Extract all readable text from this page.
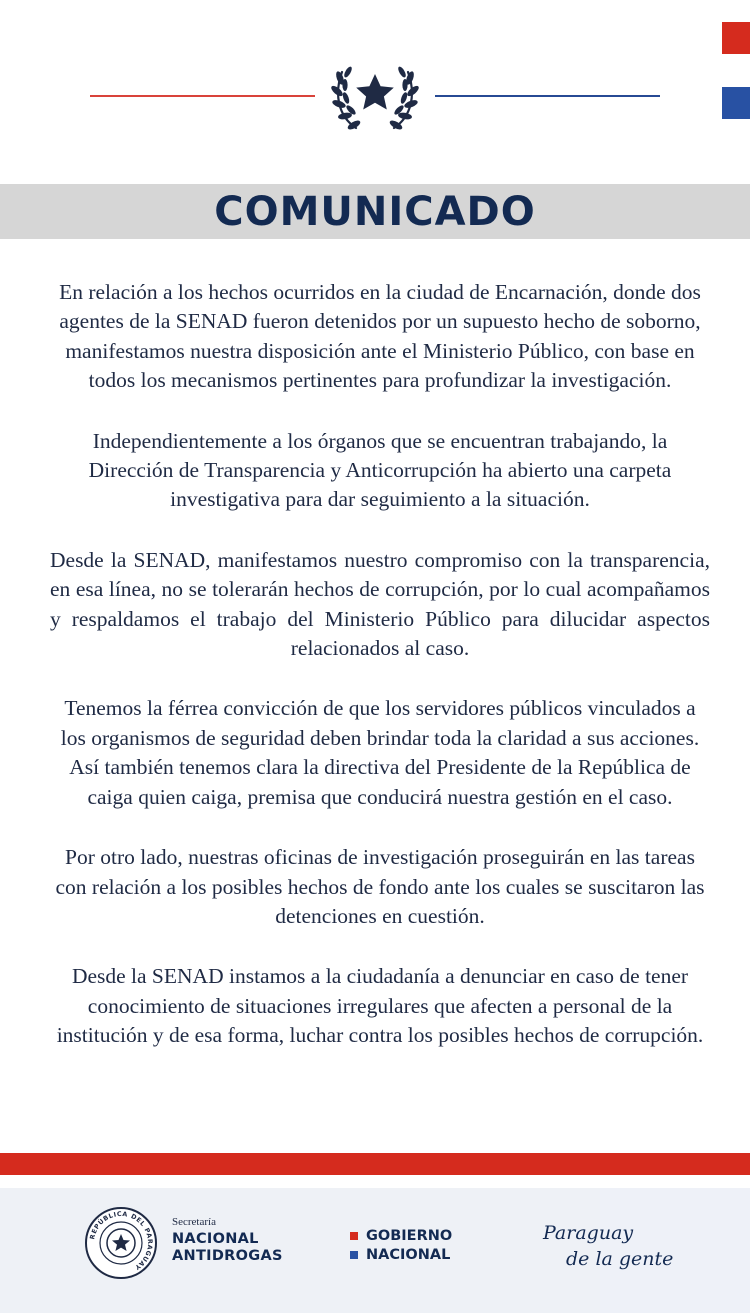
COMUNICADO

En relación a los hechos ocurridos en la ciudad de Encarnación, donde dos agentes de la SENAD fueron detenidos por un supuesto hecho de soborno, manifestamos nuestra disposición ante el Ministerio Público, con base en todos los mecanismos pertinentes para profundizar la investigación.

Independientemente a los órganos que se encuentran trabajando, la Dirección de Transparencia y Anticorrupción ha abierto una carpeta investigativa para dar seguimiento a la situación.

Desde la SENAD, manifestamos nuestro compromiso con la transparencia, en esa línea, no se tolerarán hechos de corrupción, por lo cual acompañamos y respaldamos el trabajo del Ministerio Público para dilucidar aspectos relacionados al caso.

Tenemos la férrea convicción de que los servidores públicos vinculados a los organismos de seguridad deben brindar toda la claridad a sus acciones. Así también tenemos clara la directiva del Presidente de la República de caiga quien caiga, premisa que conducirá nuestra gestión en el caso.

Por otro lado, nuestras oficinas de investigación proseguirán en las tareas con relación a los posibles hechos de fondo ante los cuales se suscitaron las detenciones en cuestión.

Desde la SENAD instamos a la ciudadanía a denunciar en caso de tener conocimiento de situaciones irregulares que afecten a personal de la institución y de esa forma, luchar contra los posibles hechos de corrupción.

REPÚBLICA DEL PARAGUAY
Secretaría
NACIONAL
ANTIDROGAS
GOBIERNO
NACIONAL
Paraguay
de la gente
